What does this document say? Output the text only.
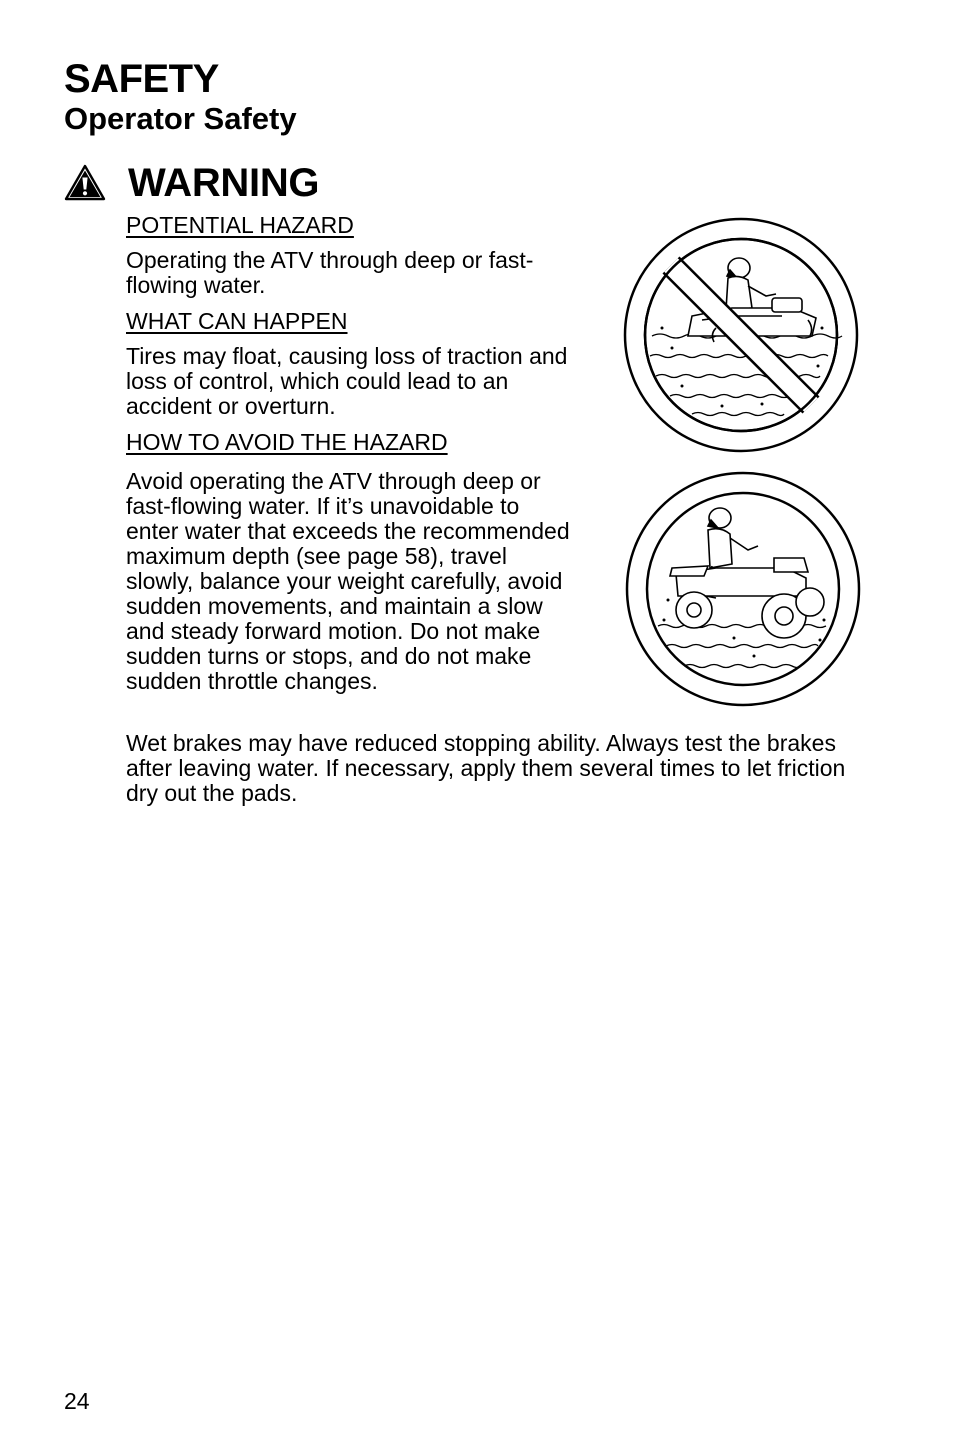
SAFETY
Operator Safety
WARNING

POTENTIAL HAZARD

Operating the ATV through deep or fast-flowing water.

WHAT CAN HAPPEN

Tires may float, causing loss of traction and loss of control, which could lead to an accident or overturn.

HOW TO AVOID THE HAZARD

Avoid operating the ATV through deep or fast-flowing water. If it’s unavoidable to enter water that exceeds the recommended maximum depth (see page 58), travel slowly, balance your weight carefully, avoid sudden movements, and maintain a slow and steady forward motion. Do not make sudden turns or stops, and do not make sudden throttle changes.

Wet brakes may have reduced stopping ability. Always test the brakes after leaving water. If necessary, apply them several times to let friction dry out the pads.

24
